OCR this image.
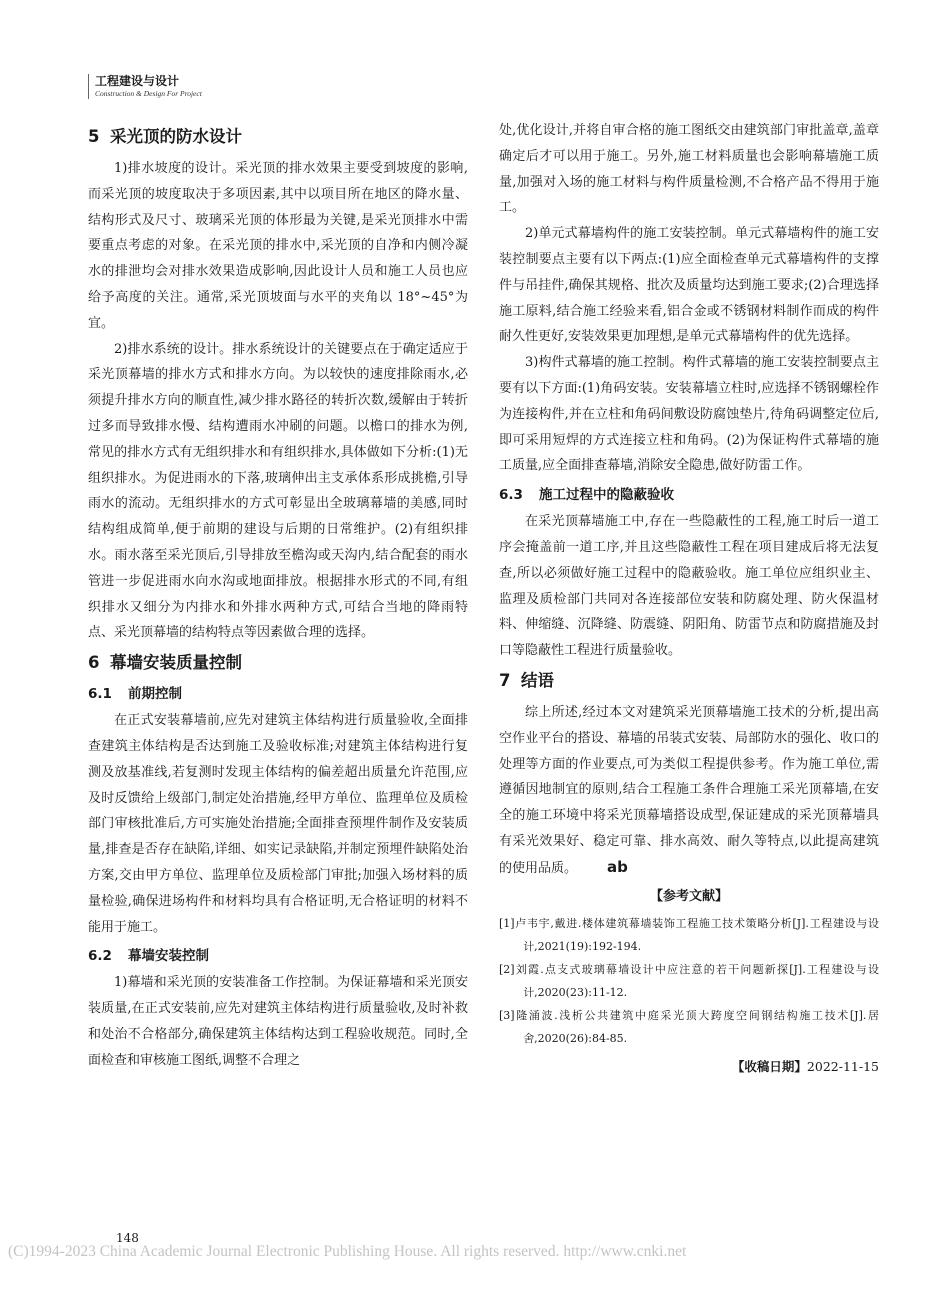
工程建设与设计
Construction & Design For Project
5 采光顶的防水设计

1)排水坡度的设计。采光顶的排水效果主要受到坡度的影响,而采光顶的坡度取决于多项因素,其中以项目所在地区的降水量、结构形式及尺寸、玻璃采光顶的体形最为关键,是采光顶排水中需要重点考虑的对象。在采光顶的排水中,采光顶的自净和内侧冷凝水的排泄均会对排水效果造成影响,因此设计人员和施工人员也应给予高度的关注。通常,采光顶坡面与水平的夹角以 18°~45°为宜。

2)排水系统的设计。排水系统设计的关键要点在于确定适应于采光顶幕墙的排水方式和排水方向。为以较快的速度排除雨水,必须提升排水方向的顺直性,减少排水路径的转折次数,缓解由于转折过多而导致排水慢、结构遭雨水冲刷的问题。以檐口的排水为例,常见的排水方式有无组织排水和有组织排水,具体做如下分析:(1)无组织排水。为促进雨水的下落,玻璃伸出主支承体系形成挑檐,引导雨水的流动。无组织排水的方式可彰显出全玻璃幕墙的美感,同时结构组成简单,便于前期的建设与后期的日常维护。(2)有组织排水。雨水落至采光顶后,引导排放至檐沟或天沟内,结合配套的雨水管进一步促进雨水向水沟或地面排放。根据排水形式的不同,有组织排水又细分为内排水和外排水两种方式,可结合当地的降雨特点、采光顶幕墙的结构特点等因素做合理的选择。

6 幕墙安装质量控制
6.1 前期控制

在正式安装幕墙前,应先对建筑主体结构进行质量验收,全面排查建筑主体结构是否达到施工及验收标准;对建筑主体结构进行复测及放基准线,若复测时发现主体结构的偏差超出质量允许范围,应及时反馈给上级部门,制定处治措施,经甲方单位、监理单位及质检部门审核批准后,方可实施处治措施;全面排查预埋件制作及安装质量,排查是否存在缺陷,详细、如实记录缺陷,并制定预埋件缺陷处治方案,交由甲方单位、监理单位及质检部门审批;加强入场材料的质量检验,确保进场构件和材料均具有合格证明,无合格证明的材料不能用于施工。

6.2 幕墙安装控制

1)幕墙和采光顶的安装准备工作控制。为保证幕墙和采光顶安装质量,在正式安装前,应先对建筑主体结构进行质量验收,及时补救和处治不合格部分,确保建筑主体结构达到工程验收规范。同时,全面检查和审核施工图纸,调整不合理之

处,优化设计,并将自审合格的施工图纸交由建筑部门审批盖章,盖章确定后才可以用于施工。另外,施工材料质量也会影响幕墙施工质量,加强对入场的施工材料与构件质量检测,不合格产品不得用于施工。

2)单元式幕墙构件的施工安装控制。单元式幕墙构件的施工安装控制要点主要有以下两点:(1)应全面检查单元式幕墙构件的支撑件与吊挂件,确保其规格、批次及质量均达到施工要求;(2)合理选择施工原料,结合施工经验来看,铝合金或不锈钢材料制作而成的构件耐久性更好,安装效果更加理想,是单元式幕墙构件的优先选择。

3)构件式幕墙的施工控制。构件式幕墙的施工安装控制要点主要有以下方面:(1)角码安装。安装幕墙立柱时,应选择不锈钢螺栓作为连接构件,并在立柱和角码间敷设防腐蚀垫片,待角码调整定位后,即可采用短焊的方式连接立柱和角码。(2)为保证构件式幕墙的施工质量,应全面排查幕墙,消除安全隐患,做好防雷工作。

6.3 施工过程中的隐蔽验收

在采光顶幕墙施工中,存在一些隐蔽性的工程,施工时后一道工序会掩盖前一道工序,并且这些隐蔽性工程在项目建成后将无法复查,所以必须做好施工过程中的隐蔽验收。施工单位应组织业主、监理及质检部门共同对各连接部位安装和防腐处理、防火保温材料、伸缩缝、沉降缝、防震缝、阴阳角、防雷节点和防腐措施及封口等隐蔽性工程进行质量验收。

7 结语

综上所述,经过本文对建筑采光顶幕墙施工技术的分析,提出高空作业平台的搭设、幕墙的吊装式安装、局部防水的强化、收口的处理等方面的作业要点,可为类似工程提供参考。作为施工单位,需遵循因地制宜的原则,结合工程施工条件合理施工采光顶幕墙,在安全的施工环境中将采光顶幕墙搭设成型,保证建成的采光顶幕墙具有采光效果好、稳定可靠、排水高效、耐久等特点,以此提高建筑的使用品质。 ab

【参考文献】

[1]卢韦宇,戴进.楼体建筑幕墙装饰工程施工技术策略分析[J].工程建设与设计,2021(19):192-194.

[2]刘霞.点支式玻璃幕墙设计中应注意的若干问题新探[J].工程建设与设计,2020(23):11-12.

[3]隆涌波.浅析公共建筑中庭采光顶大跨度空间钢结构施工技术[J].居舍,2020(26):84-85.

【收稿日期】2022-11-15
148
(C)1994-2023 China Academic Journal Electronic Publishing House. All rights reserved. http://www.cnki.net
